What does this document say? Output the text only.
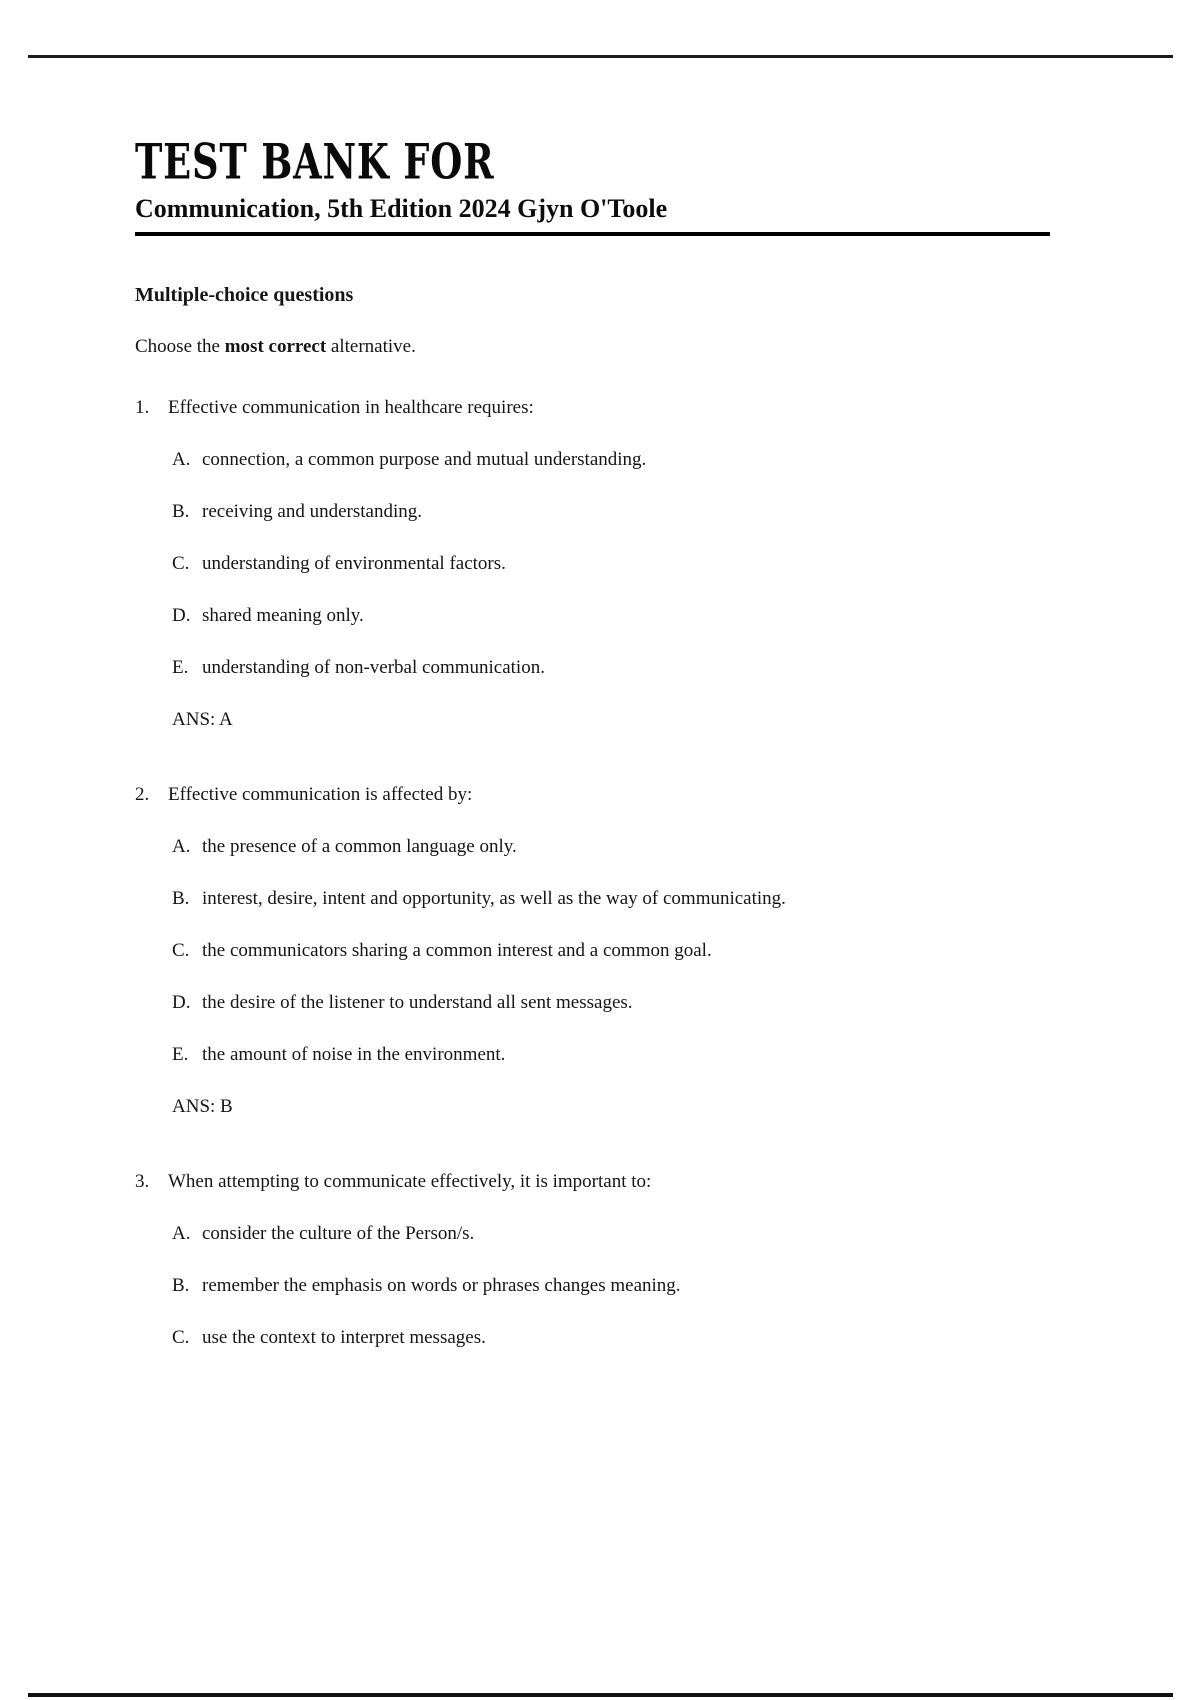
TEST BANK FOR
Communication, 5th Edition 2024 Gjyn O'Toole
Multiple-choice questions
Choose the most correct alternative.
1. Effective communication in healthcare requires:
A. connection, a common purpose and mutual understanding.
B. receiving and understanding.
C. understanding of environmental factors.
D. shared meaning only.
E. understanding of non-verbal communication.
ANS: A
2. Effective communication is affected by:
A. the presence of a common language only.
B. interest, desire, intent and opportunity, as well as the way of communicating.
C. the communicators sharing a common interest and a common goal.
D. the desire of the listener to understand all sent messages.
E. the amount of noise in the environment.
ANS: B
3. When attempting to communicate effectively, it is important to:
A. consider the culture of the Person/s.
B. remember the emphasis on words or phrases changes meaning.
C. use the context to interpret messages.
